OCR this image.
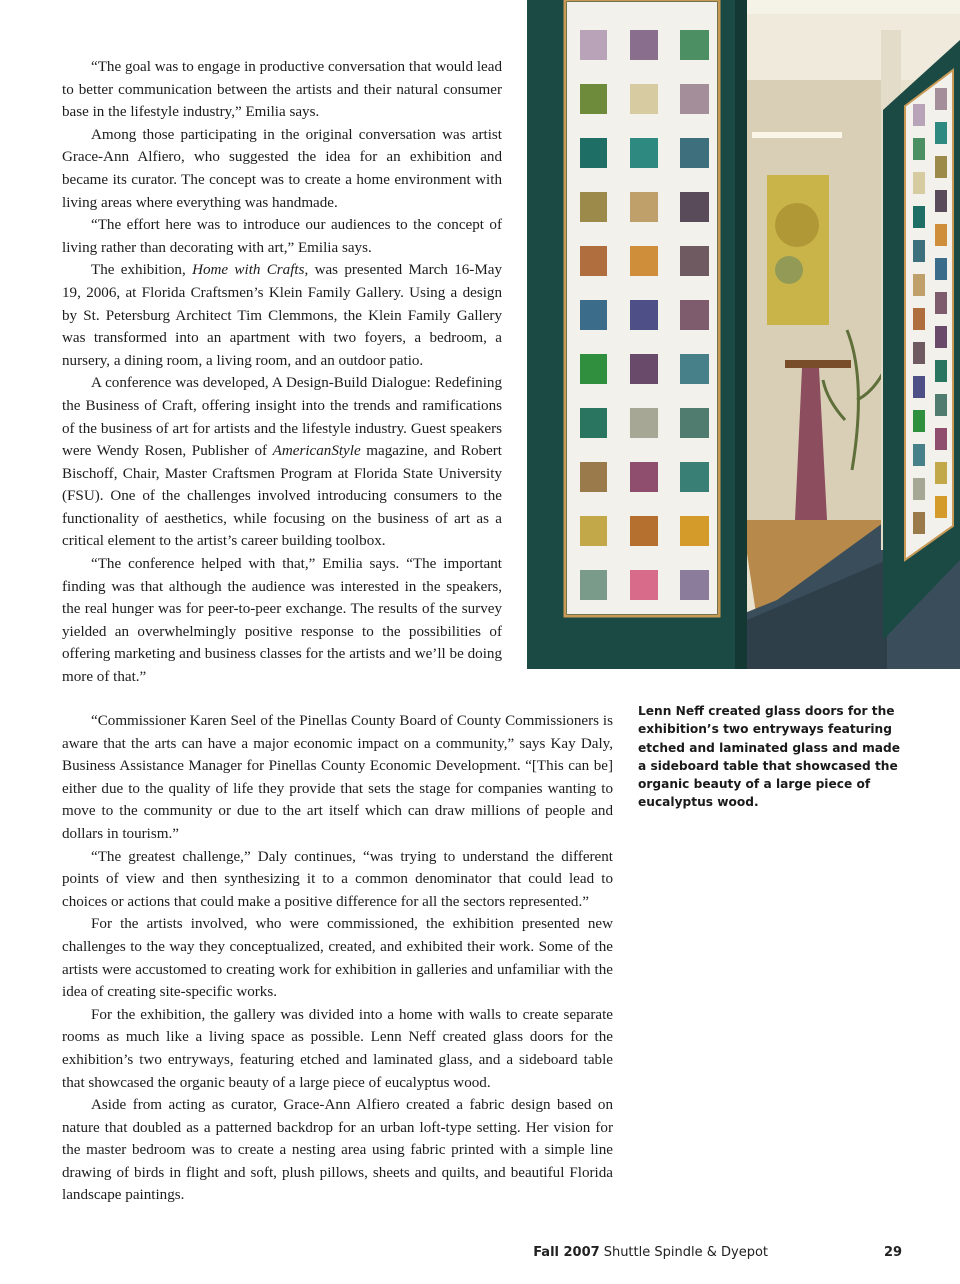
“The goal was to engage in productive conversation that would lead to better communication between the artists and their natural consumer base in the lifestyle industry,” Emilia says.

Among those participating in the original conversation was artist Grace-Ann Alfiero, who suggested the idea for an exhibition and became its curator. The concept was to create a home environment with living areas where everything was handmade.

“The effort here was to introduce our audiences to the concept of living rather than decorating with art,” Emilia says.

The exhibition, Home with Crafts, was presented March 16-May 19, 2006, at Florida Craftsmen’s Klein Family Gallery. Using a design by St. Petersburg Architect Tim Clemmons, the Klein Family Gallery was transformed into an apartment with two foyers, a bedroom, a nursery, a dining room, a living room, and an outdoor patio.

A conference was developed, A Design-Build Dialogue: Redefining the Business of Craft, offering insight into the trends and ramifications of the business of art for artists and the lifestyle industry. Guest speakers were Wendy Rosen, Publisher of AmericanStyle magazine, and Robert Bischoff, Chair, Master Craftsmen Program at Florida State University (FSU). One of the challenges involved introducing consumers to the functionality of aesthetics, while focusing on the business of art as a critical element to the artist’s career building toolbox.

“The conference helped with that,” Emilia says. “The important finding was that although the audience was interested in the speakers, the real hunger was for peer-to-peer exchange. The results of the survey yielded an overwhelmingly positive response to the possibilities of offering marketing and business classes for the artists and we’ll be doing more of that.”

“Commissioner Karen Seel of the Pinellas County Board of County Commissioners is aware that the arts can have a major economic impact on a community,” says Kay Daly, Business Assistance Manager for Pinellas County Economic Development. “[This can be] either due to the quality of life they provide that sets the stage for companies wanting to move to the community or due to the art itself which can draw millions of people and dollars in tourism.”

“The greatest challenge,” Daly continues, “was trying to understand the different points of view and then synthesizing it to a common denominator that could lead to choices or actions that could make a positive difference for all the sectors represented.”

For the artists involved, who were commissioned, the exhibition presented new challenges to the way they conceptualized, created, and exhibited their work. Some of the artists were accustomed to creating work for exhibition in galleries and unfamiliar with the idea of creating site-specific works.

For the exhibition, the gallery was divided into a home with walls to create separate rooms as much like a living space as possible. Lenn Neff created glass doors for the exhibition’s two entryways, featuring etched and laminated glass, and a sideboard table that showcased the organic beauty of a large piece of eucalyptus wood.

Aside from acting as curator, Grace-Ann Alfiero created a fabric design based on nature that doubled as a patterned backdrop for an urban loft-type setting. Her vision for the master bedroom was to create a nesting area using fabric printed with a simple line drawing of birds in flight and soft, plush pillows, sheets and quilts, and beautiful Florida landscape paintings.

Lenn Neff created glass doors for the exhibition’s two entryways featuring etched and laminated glass and made a sideboard table that showcased the organic beauty of a large piece of eucalyptus wood.
Fall 2007 Shuttle Spindle & Dyepot	29
